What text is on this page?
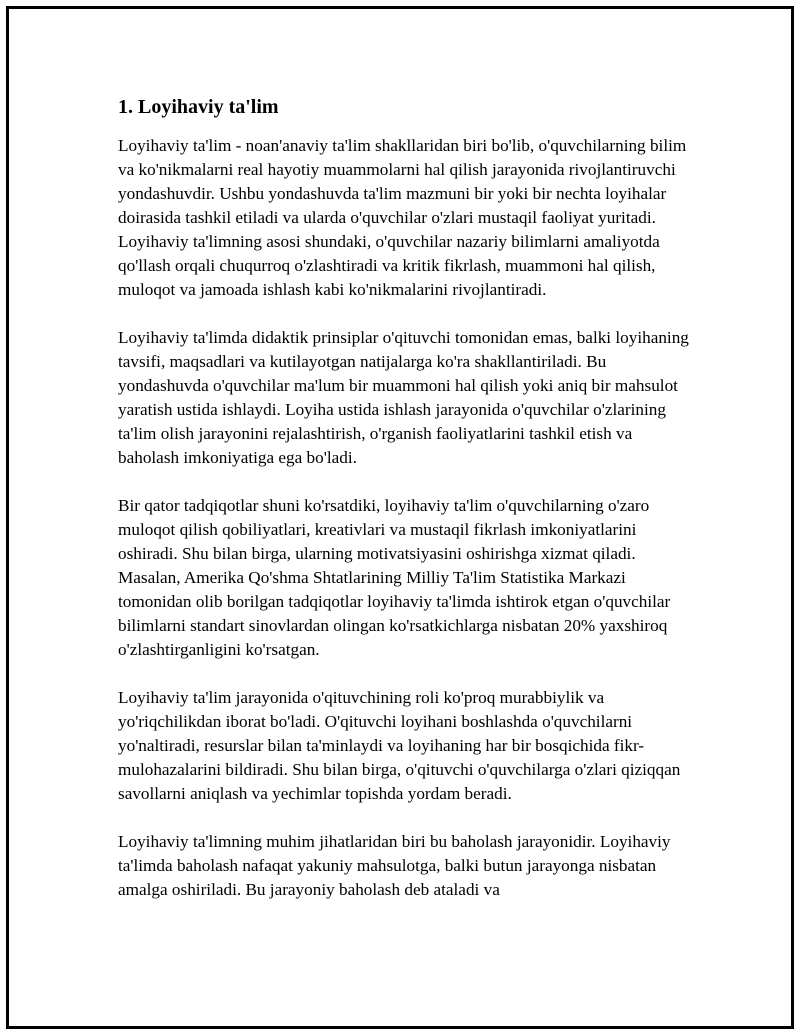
1. Loyihaviy ta'lim

Loyihaviy ta'lim - noan'anaviy ta'lim shakllaridan biri bo'lib, o'quvchilarning bilim va ko'nikmalarni real hayotiy muammolarni hal qilish jarayonida rivojlantiruvchi yondashuvdir. Ushbu yondashuvda ta'lim mazmuni bir yoki bir nechta loyihalar doirasida tashkil etiladi va ularda o'quvchilar o'zlari mustaqil faoliyat yuritadi. Loyihaviy ta'limning asosi shundaki, o'quvchilar nazariy bilimlarni amaliyotda qo'llash orqali chuqurroq o'zlashtiradi va kritik fikrlash, muammoni hal qilish, muloqot va jamoada ishlash kabi ko'nikmalarini rivojlantiradi.

Loyihaviy ta'limda didaktik prinsiplar o'qituvchi tomonidan emas, balki loyihaning tavsifi, maqsadlari va kutilayotgan natijalarga ko'ra shakllantiriladi. Bu yondashuvda o'quvchilar ma'lum bir muammoni hal qilish yoki aniq bir mahsulot yaratish ustida ishlaydi. Loyiha ustida ishlash jarayonida o'quvchilar o'zlarining ta'lim olish jarayonini rejalashtirish, o'rganish faoliyatlarini tashkil etish va baholash imkoniyatiga ega bo'ladi.

Bir qator tadqiqotlar shuni ko'rsatdiki, loyihaviy ta'lim o'quvchilarning o'zaro muloqot qilish qobiliyatlari, kreativlari va mustaqil fikrlash imkoniyatlarini oshiradi. Shu bilan birga, ularning motivatsiyasini oshirishga xizmat qiladi. Masalan, Amerika Qo'shma Shtatlarining Milliy Ta'lim Statistika Markazi tomonidan olib borilgan tadqiqotlar loyihaviy ta'limda ishtirok etgan o'quvchilar bilimlarni standart sinovlardan olingan ko'rsatkichlarga nisbatan 20% yaxshiroq o'zlashtirganligini ko'rsatgan.

Loyihaviy ta'lim jarayonida o'qituvchining roli ko'proq murabbiylik va yo'riqchilikdan iborat bo'ladi. O'qituvchi loyihani boshlashda o'quvchilarni yo'naltiradi, resurslar bilan ta'minlaydi va loyihaning har bir bosqichida fikr-mulohazalarini bildiradi. Shu bilan birga, o'qituvchi o'quvchilarga o'zlari qiziqqan savollarni aniqlash va yechimlar topishda yordam beradi.

Loyihaviy ta'limning muhim jihatlaridan biri bu baholash jarayonidir. Loyihaviy ta'limda baholash nafaqat yakuniy mahsulotga, balki butun jarayonga nisbatan amalga oshiriladi. Bu jarayoniy baholash deb ataladi va
